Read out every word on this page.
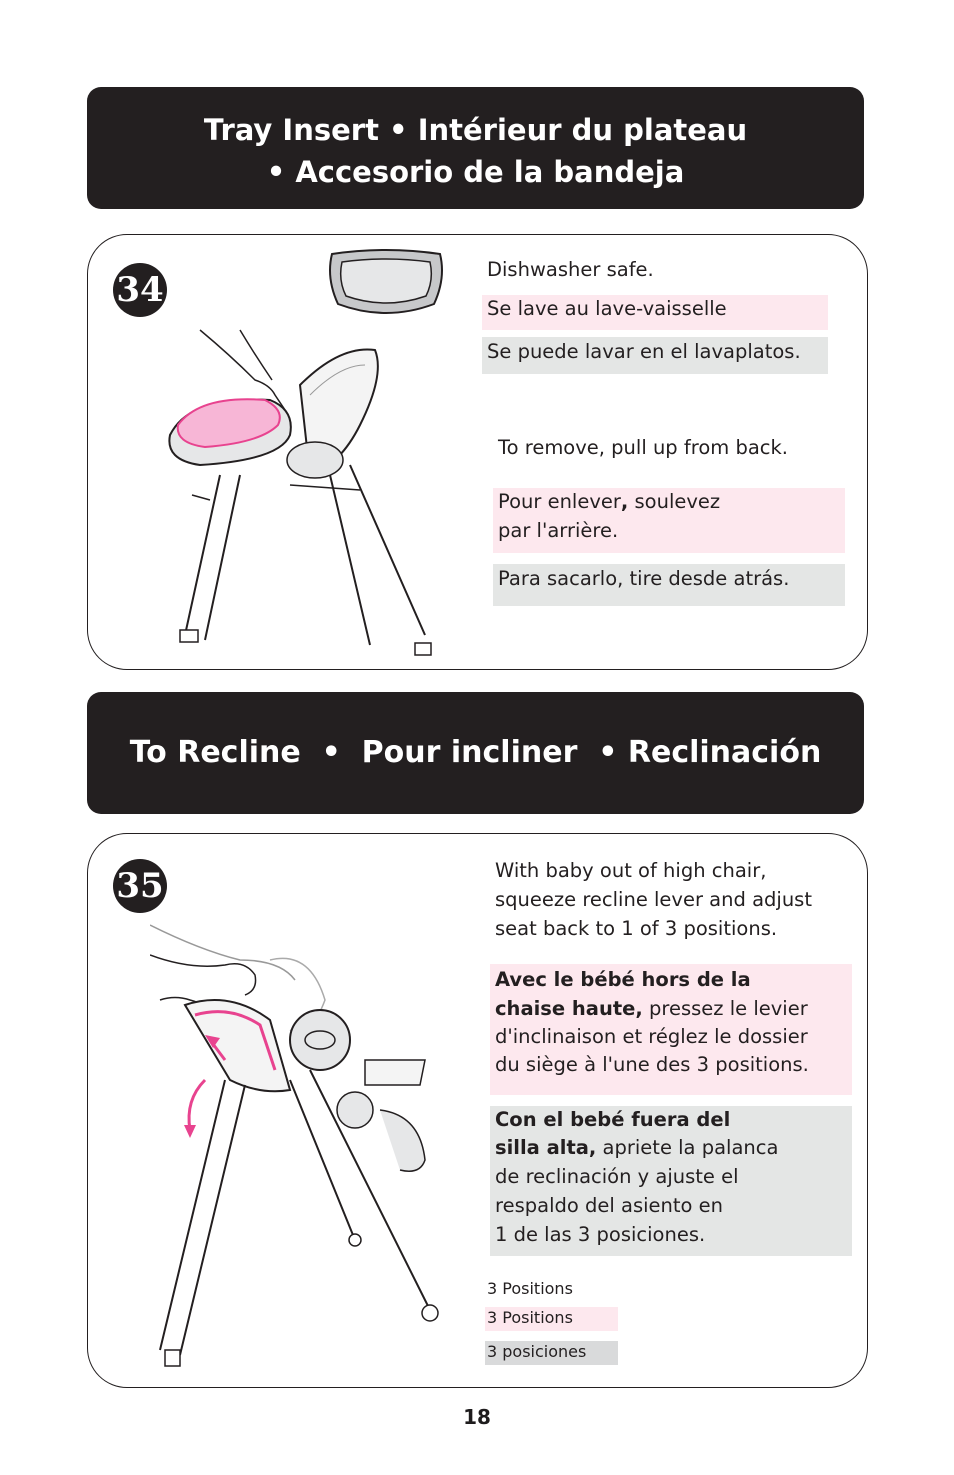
Tray Insert • Intérieur du plateau
• Accesorio de la bandeja
34
Dishwasher safe.
Se lave au lave-vaisselle
Se puede lavar en el lavaplatos.
To remove, pull up from back.
Pour enlever, soulevez
par l'arrière.
Para sacarlo, tire desde atrás.
To Recline  •  Pour incliner  • Reclinación
35	With baby out of high chair,
squeeze recline lever and adjust
seat back to 1 of 3 positions.
Avec le bébé hors de la
chaise haute, pressez le levier
d'inclinaison et réglez le dossier
du siège à l'une des 3 positions.
Con el bebé fuera del
silla alta, apriete la palanca
de reclinación y ajuste el
respaldo del asiento en
1 de las 3 posiciones.
3 Positions
3 Positions
3 posiciones
18
